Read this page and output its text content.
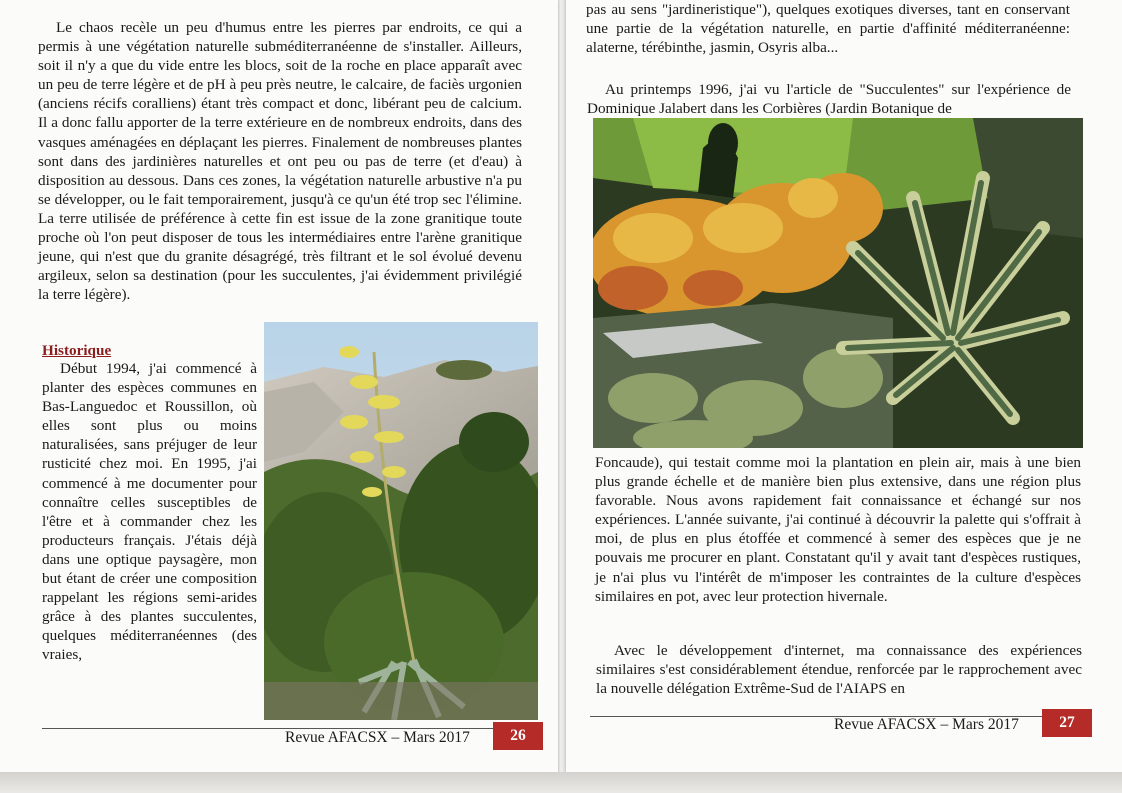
Le chaos recèle un peu d'humus entre les pierres par endroits, ce qui a permis à une végétation naturelle subméditerranéenne de s'installer. Ailleurs, soit il n'y a que du vide entre les blocs, soit de la roche en place apparaît avec un peu de terre légère et de pH à peu près neutre, le calcaire, de faciès urgonien (anciens récifs coralliens) étant très compact et donc, libérant peu de calcium. Il a donc fallu apporter de la terre extérieure en de nombreux endroits, dans des vasques aménagées en déplaçant les pierres. Finalement de nombreuses plantes sont dans des jardinières naturelles et ont peu ou pas de terre (et d'eau) à disposition au dessous. Dans ces zones, la végétation naturelle arbustive n'a pu se développer, ou le fait temporairement, jusqu'à ce qu'un été trop sec l'élimine. La terre utilisée de préférence à cette fin est issue de la zone granitique toute proche où l'on peut disposer de tous les intermédiaires entre l'arène granitique jeune, qui n'est que du granite désagrégé, très filtrant et le sol évolué devenu argileux, selon sa destination (pour les succulentes, j'ai évidemment privilégié la terre légère).

Historique

Début 1994, j'ai commencé à planter des espèces communes en Bas-Languedoc et Roussillon, où elles sont plus ou moins naturalisées, sans préjuger de leur rusticité chez moi. En 1995, j'ai commencé à me documenter pour connaître celles susceptibles de l'être et à commander chez les producteurs français. J'étais déjà dans une optique paysagère, mon but étant de créer une composition rappelant les régions semi-arides grâce à des plantes succulentes, quelques méditerranéennes (des vraies,

Revue AFACSX – Mars 2017	26

pas au sens "jardineristique"), quelques exotiques diverses, tant en conservant une partie de la végétation naturelle, en partie d'affinité méditerranéenne: alaterne, térébinthe, jasmin, Osyris alba...

Au printemps 1996, j'ai vu l'article de "Succulentes" sur l'expérience de Dominique Jalabert dans les Corbières (Jardin Botanique de

Foncaude), qui testait comme moi la plantation en plein air, mais à une bien plus grande échelle et de manière bien plus extensive, dans une région plus favorable. Nous avons rapidement fait connaissance et échangé sur nos expériences. L'année suivante, j'ai continué à découvrir la palette qui s'offrait à moi, de plus en plus étoffée et commencé à semer des espèces que je ne pouvais me procurer en plant. Constatant qu'il y avait tant d'espèces rustiques, je n'ai plus vu l'intérêt de m'imposer les contraintes de la culture d'espèces similaires en pot, avec leur protection hivernale.

Avec le développement d'internet, ma connaissance des expériences similaires s'est considérablement étendue, renforcée par le rapprochement avec la nouvelle délégation Extrême-Sud de l'AIAPS en

Revue AFACSX – Mars 2017	27
